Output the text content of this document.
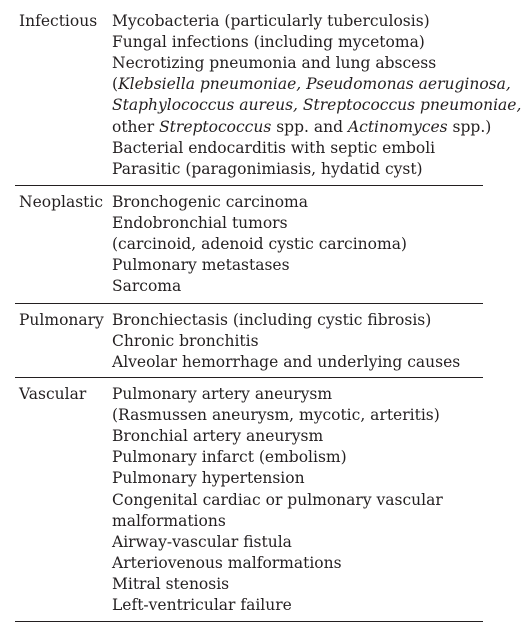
Infectious Mycobacteria (particularly tuberculosis)
Fungal infections (including mycetoma)
Necrotizing pneumonia and lung abscess
(Klebsiella pneumoniae, Pseudomonas aeruginosa,
Staphylococcus aureus, Streptococcus pneumoniae,
other Streptococcus spp. and Actinomyces spp.)
Bacterial endocarditis with septic emboli
Parasitic (paragonimiasis, hydatid cyst)
Neoplastic Bronchogenic carcinoma
Endobronchial tumors
(carcinoid, adenoid cystic carcinoma)
Pulmonary metastases
Sarcoma
Pulmonary Bronchiectasis (including cystic fibrosis)
Chronic bronchitis
Alveolar hemorrhage and underlying causes
Vascular Pulmonary artery aneurysm
(Rasmussen aneurysm, mycotic, arteritis)
Bronchial artery aneurysm
Pulmonary infarct (embolism)
Pulmonary hypertension
Congenital cardiac or pulmonary vascular
malformations
Airway-vascular fistula
Arteriovenous malformations
Mitral stenosis
Left-ventricular failure
